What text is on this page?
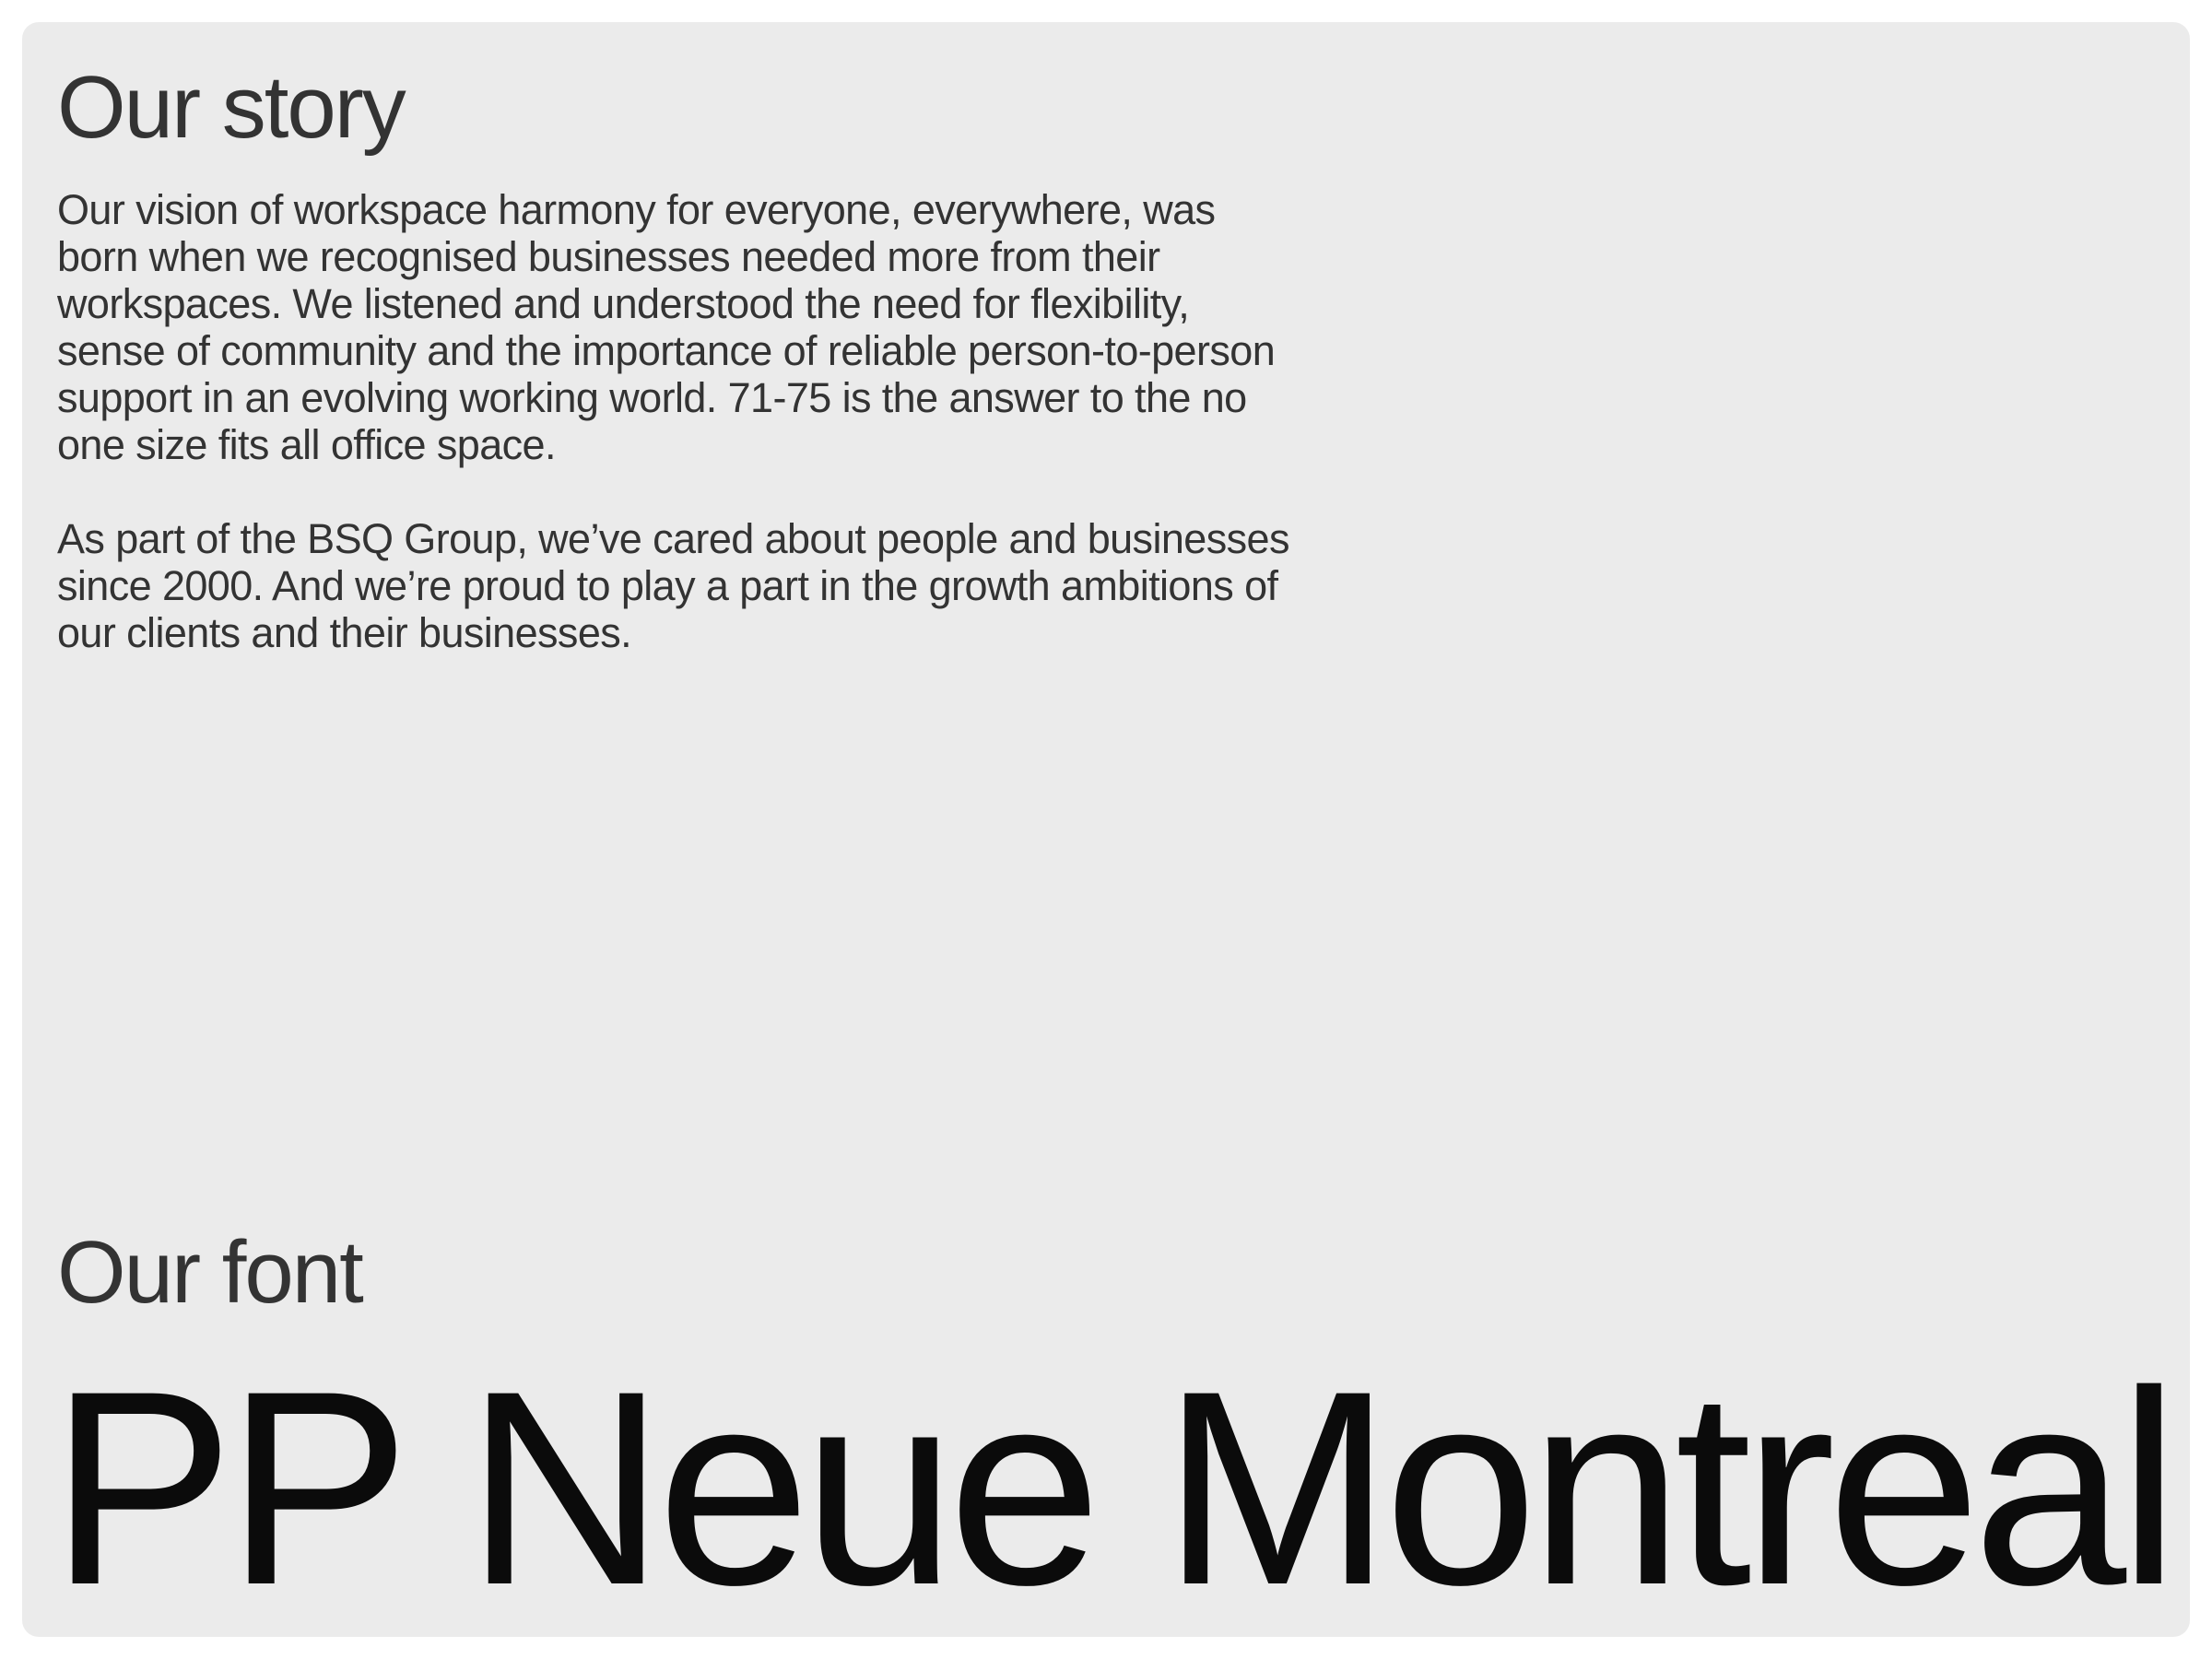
Our story

Our vision of workspace harmony for everyone, everywhere, was born when we recognised businesses needed more from their workspaces. We listened and understood the need for flexibility, sense of community and the importance of reliable person-to-person support in an evolving working world. 71-75 is the answer to the no one size fits all office space.

As part of the BSQ Group, we’ve cared about people and businesses since 2000. And we’re proud to play a part in the growth ambitions of our clients and their businesses.

Our font
PP Neue Montreal
